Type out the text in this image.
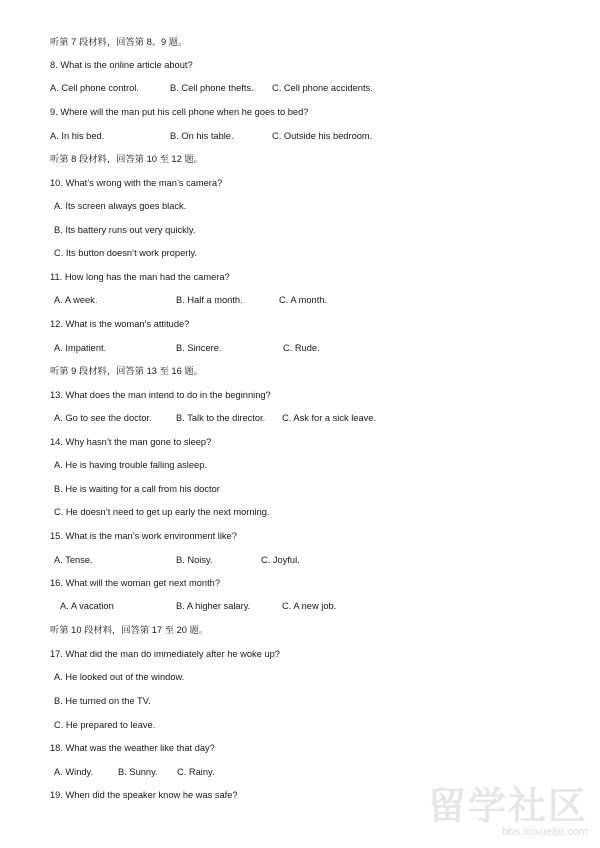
听第 7 段材料，回答第 8、9 题。
8. What is the online article about?
9. Where will the man put his cell phone when he goes to bed?
听第 8 段材料，回答第 10 至 12 题。
10. What’s wrong with the man’s camera?
A. Its screen always goes black.
B. Its battery runs out very quickly.
C. Its button doesn’t work properly.
11. How long has the man had the camera?
12. What is the woman’s attitude?
听第 9 段材料，回答第 13 至 16 题。
13. What does the man intend to do in the beginning?
14. Why hasn’t the man gone to sleep?
A. He is having trouble falling asleep.
B. He is waiting for a call from his doctor
C. He doesn’t need to get up early the next morning.
15. What is the man’s work environment like?
16. What will the woman get next month?
听第 10 段材料，回答第 17 至 20 题。
17. What did the man do immediately after he woke up?
A. He looked out of the window.
B. He turned on the TV.
C. He prepared to leave.
18. What was the weather like that day?
19. When did the speaker know he was safe?
A. Cell phone control.	B. Cell phone thefts. C. Cell phone accidents.
A. In his bed.	B. On his table.	C. Outside his bedroom.
A. A week.	B. Half a month.	C. A month.
A. Impatient.	B. Sincere.	C. Rude.
A. Go to see the doctor.	B. Talk to the director. C. Ask for a sick leave.
A. Tense.	B. Noisy.	C. Joyful.
A. A vacation	B. A higher salary.	C. A new job.
A. Windy.	B. Sunny. C. Rainy.
留学社区
bbs.liuxue86.com
